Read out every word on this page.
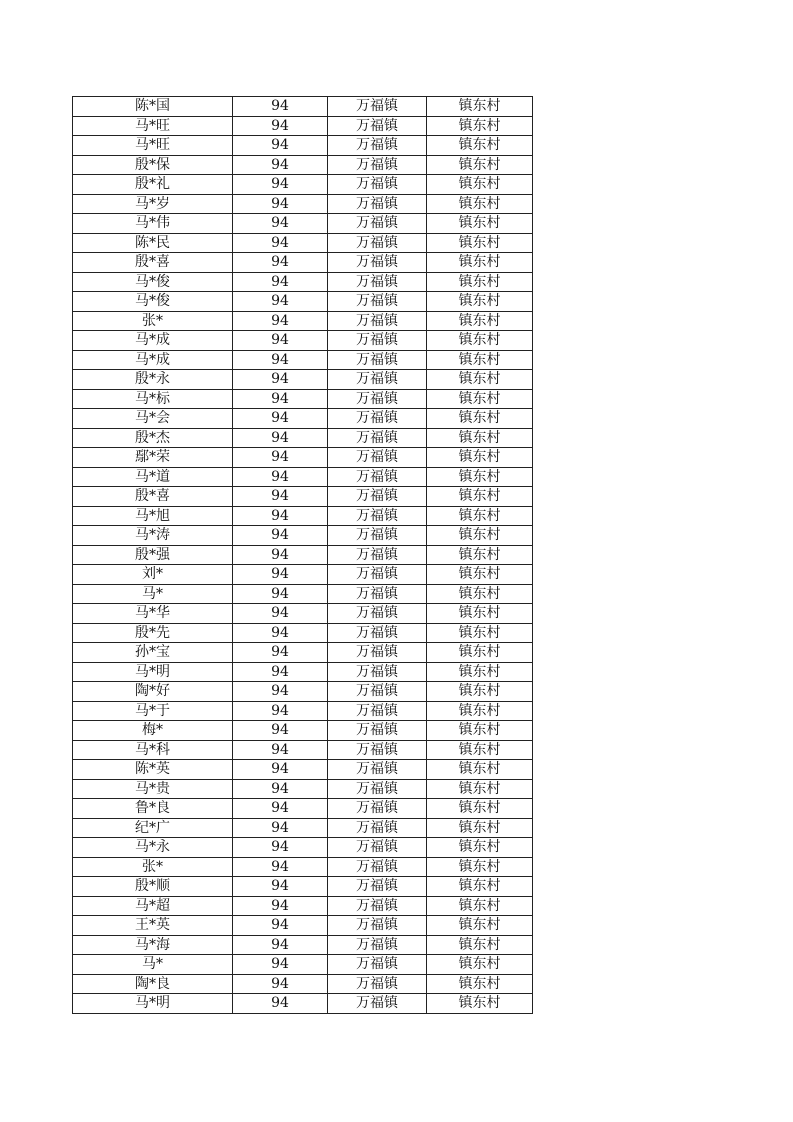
陈*国	94	万福镇	镇东村
马*旺	94	万福镇	镇东村
马*旺	94	万福镇	镇东村
殷*保	94	万福镇	镇东村
殷*礼	94	万福镇	镇东村
马*岁	94	万福镇	镇东村
马*伟	94	万福镇	镇东村
陈*民	94	万福镇	镇东村
殷*喜	94	万福镇	镇东村
马*俊	94	万福镇	镇东村
马*俊	94	万福镇	镇东村
张*	94	万福镇	镇东村
马*成	94	万福镇	镇东村
马*成	94	万福镇	镇东村
殷*永	94	万福镇	镇东村
马*标	94	万福镇	镇东村
马*会	94	万福镇	镇东村
殷*杰	94	万福镇	镇东村
鄢*荣	94	万福镇	镇东村
马*道	94	万福镇	镇东村
殷*喜	94	万福镇	镇东村
马*旭	94	万福镇	镇东村
马*涛	94	万福镇	镇东村
殷*强	94	万福镇	镇东村
刘*	94	万福镇	镇东村
马*	94	万福镇	镇东村
马*华	94	万福镇	镇东村
殷*先	94	万福镇	镇东村
孙*宝	94	万福镇	镇东村
马*明	94	万福镇	镇东村
陶*好	94	万福镇	镇东村
马*于	94	万福镇	镇东村
梅*	94	万福镇	镇东村
马*科	94	万福镇	镇东村
陈*英	94	万福镇	镇东村
马*贵	94	万福镇	镇东村
鲁*良	94	万福镇	镇东村
纪*广	94	万福镇	镇东村
马*永	94	万福镇	镇东村
张*	94	万福镇	镇东村
殷*顺	94	万福镇	镇东村
马*超	94	万福镇	镇东村
王*英	94	万福镇	镇东村
马*海	94	万福镇	镇东村
马*	94	万福镇	镇东村
陶*良	94	万福镇	镇东村
马*明	94	万福镇	镇东村
